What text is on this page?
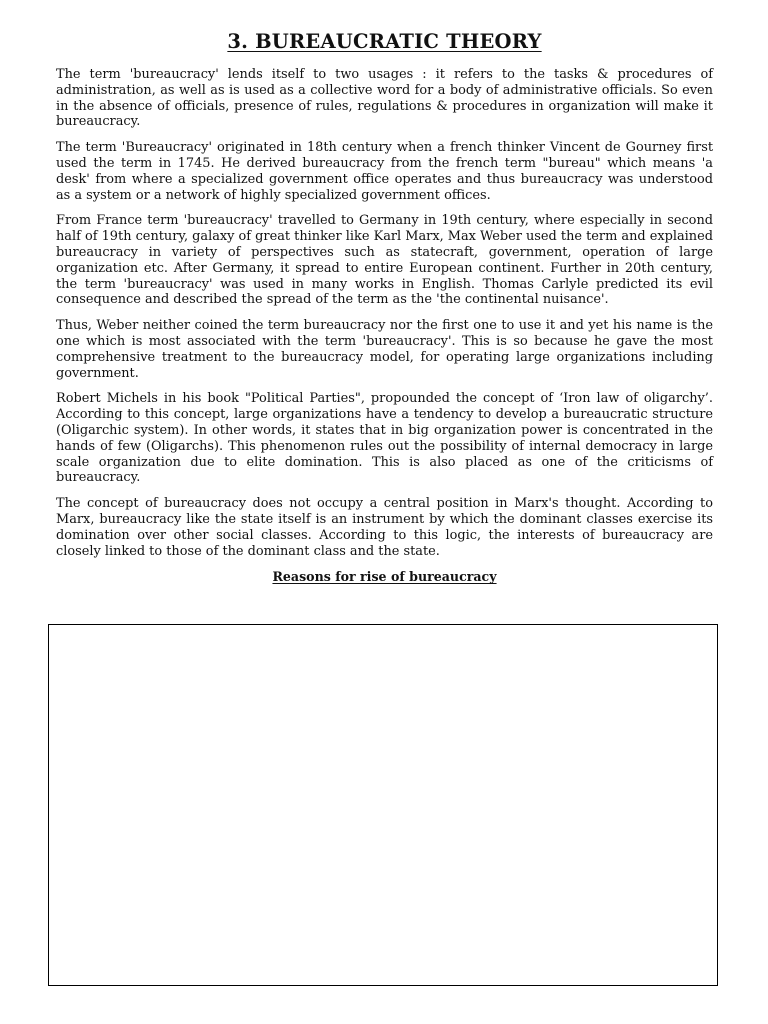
3. BUREAUCRATIC THEORY

The term 'bureaucracy' lends itself to two usages : it refers to the tasks & procedures of administration, as well as is used as a collective word for a body of administrative officials. So even in the absence of officials, presence of rules, regulations & procedures in organization will make it bureaucracy.

The term 'Bureaucracy' originated in 18th century when a french thinker Vincent de Gourney first used the term in 1745. He derived bureaucracy from the french term "bureau" which means 'a desk' from where a specialized government office operates and thus bureaucracy was understood as a system or a network of highly specialized government offices.

From France term 'bureaucracy' travelled to Germany in 19th century, where especially in second half of 19th century, galaxy of great thinker like Karl Marx, Max Weber used the term and explained bureaucracy in variety of perspectives such as statecraft, government, operation of large organization etc. After Germany, it spread to entire European continent. Further in 20th century, the term 'bureaucracy' was used in many works in English. Thomas Carlyle predicted its evil consequence and described the spread of the term as the 'the continental nuisance'.

Thus, Weber neither coined the term bureaucracy nor the first one to use it and yet his name is the one which is most associated with the term 'bureaucracy'. This is so because he gave the most comprehensive treatment to the bureaucracy model, for operating large organizations including government.

Robert Michels in his book "Political Parties", propounded the concept of ‘Iron law of oligarchy’. According to this concept, large organizations have a tendency to develop a bureaucratic structure (Oligarchic system). In other words, it states that in big organization power is concentrated in the hands of few (Oligarchs). This phenomenon rules out the possibility of internal democracy in large scale organization due to elite domination. This is also placed as one of the criticisms of bureaucracy.

The concept of bureaucracy does not occupy a central position in Marx's thought. According to Marx, bureaucracy like the state itself is an instrument by which the dominant classes exercise its domination over other social classes. According to this logic, the interests of bureaucracy are closely linked to those of the dominant class and the state.

Reasons for rise of bureaucracy
